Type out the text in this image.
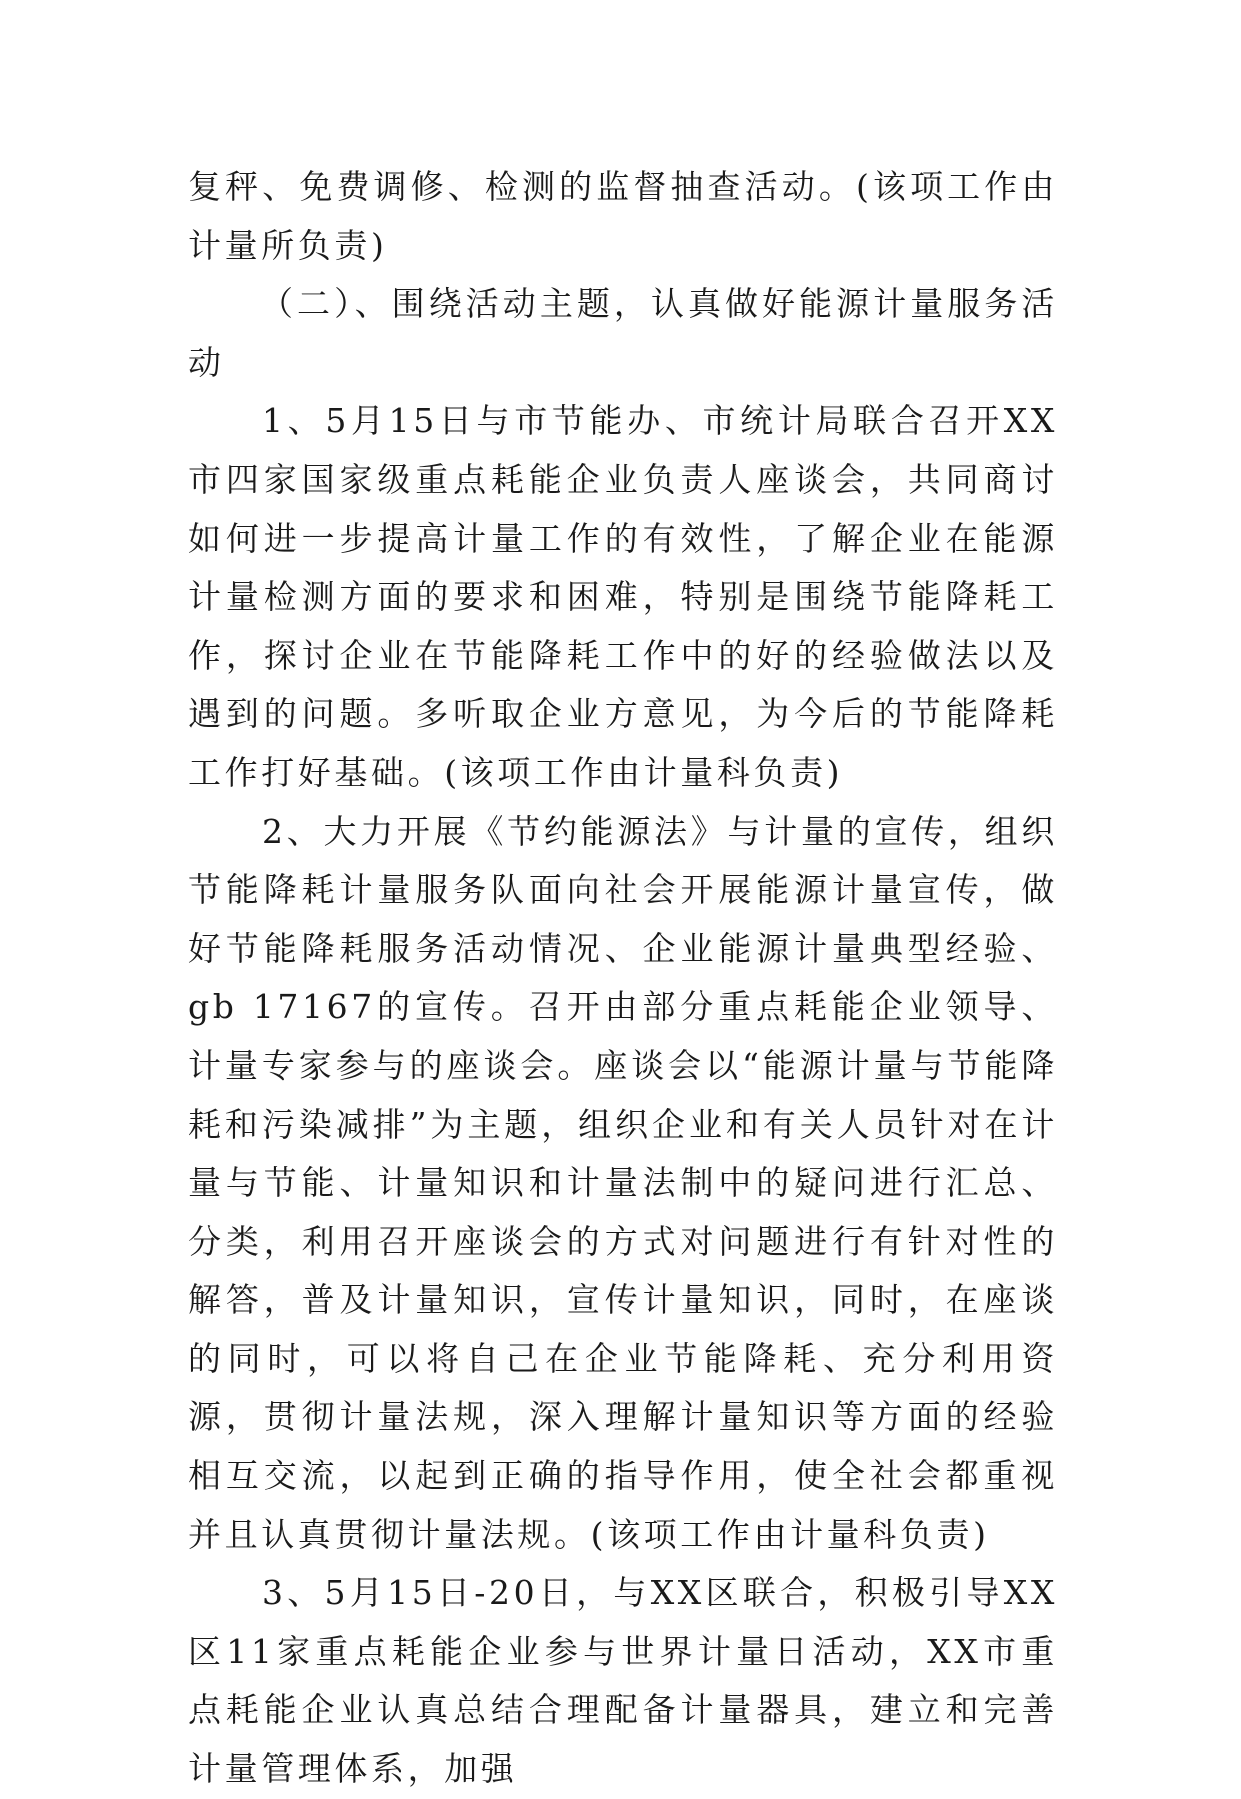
复秤、免费调修、检测的监督抽查活动。(该项工作由计量所负责)

（二）、围绕活动主题，认真做好能源计量服务活动

1、5月15日与市节能办、市统计局联合召开XX市四家国家级重点耗能企业负责人座谈会，共同商讨如何进一步提高计量工作的有效性，了解企业在能源计量检测方面的要求和困难，特别是围绕节能降耗工作，探讨企业在节能降耗工作中的好的经验做法以及遇到的问题。多听取企业方意见，为今后的节能降耗工作打好基础。(该项工作由计量科负责)

2、大力开展《节约能源法》与计量的宣传，组织节能降耗计量服务队面向社会开展能源计量宣传，做好节能降耗服务活动情况、企业能源计量典型经验、gb 17167的宣传。召开由部分重点耗能企业领导、计量专家参与的座谈会。座谈会以“能源计量与节能降耗和污染减排”为主题，组织企业和有关人员针对在计量与节能、计量知识和计量法制中的疑问进行汇总、分类，利用召开座谈会的方式对问题进行有针对性的解答，普及计量知识，宣传计量知识，同时，在座谈的同时，可以将自己在企业节能降耗、充分利用资源，贯彻计量法规，深入理解计量知识等方面的经验相互交流，以起到正确的指导作用，使全社会都重视并且认真贯彻计量法规。(该项工作由计量科负责)

3、5月15日-20日，与XX区联合，积极引导XX区11家重点耗能企业参与世界计量日活动，XX市重点耗能企业认真总结合理配备计量器具，建立和完善计量管理体系，加强
